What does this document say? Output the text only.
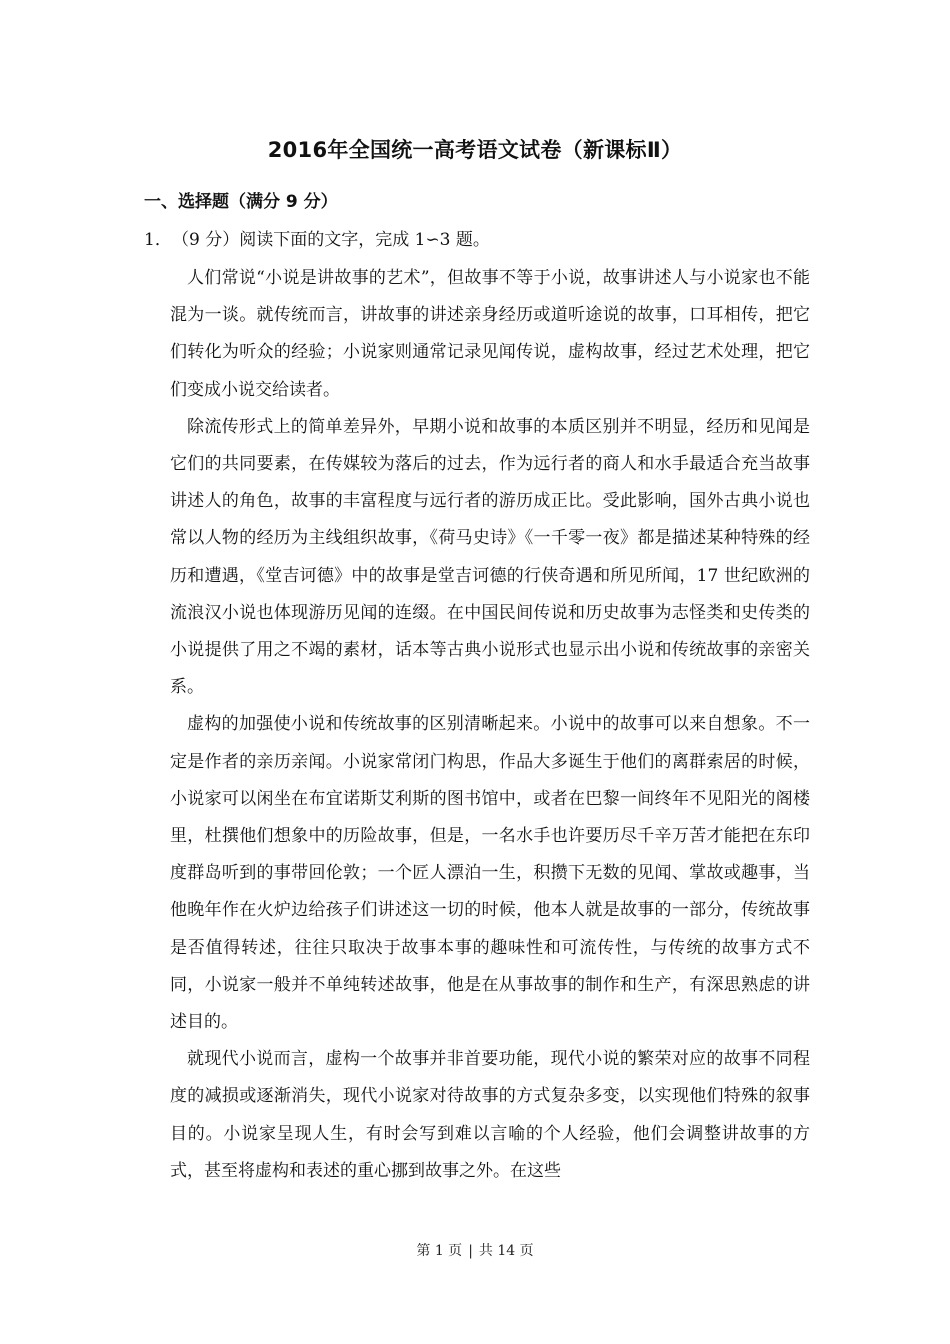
2016年全国统一高考语文试卷（新课标Ⅱ）
一、选择题（满分 9 分）
1．（9 分）阅读下面的文字，完成 1∽3 题。

人们常说“小说是讲故事的艺术”，但故事不等于小说，故事讲述人与小说家也不能混为一谈。就传统而言，讲故事的讲述亲身经历或道听途说的故事，口耳相传，把它们转化为听众的经验；小说家则通常记录见闻传说，虚构故事，经过艺术处理，把它们变成小说交给读者。

除流传形式上的简单差异外，早期小说和故事的本质区别并不明显，经历和见闻是它们的共同要素，在传媒较为落后的过去，作为远行者的商人和水手最适合充当故事讲述人的角色，故事的丰富程度与远行者的游历成正比。受此影响，国外古典小说也常以人物的经历为主线组织故事，《荷马史诗》《一千零一夜》都是描述某种特殊的经历和遭遇，《堂吉诃德》中的故事是堂吉诃德的行侠奇遇和所见所闻，17 世纪欧洲的流浪汉小说也体现游历见闻的连缀。在中国民间传说和历史故事为志怪类和史传类的小说提供了用之不竭的素材，话本等古典小说形式也显示出小说和传统故事的亲密关系。

虚构的加强使小说和传统故事的区别清晰起来。小说中的故事可以来自想象。不一定是作者的亲历亲闻。小说家常闭门构思，作品大多诞生于他们的离群索居的时候，小说家可以闲坐在布宜诺斯艾利斯的图书馆中，或者在巴黎一间终年不见阳光的阁楼里，杜撰他们想象中的历险故事，但是，一名水手也许要历尽千辛万苦才能把在东印度群岛听到的事带回伦敦；一个匠人漂泊一生，积攒下无数的见闻、掌故或趣事，当他晚年作在火炉边给孩子们讲述这一切的时候，他本人就是故事的一部分，传统故事是否值得转述，往往只取决于故事本事的趣味性和可流传性，与传统的故事方式不同，小说家一般并不单纯转述故事，他是在从事故事的制作和生产，有深思熟虑的讲述目的。

就现代小说而言，虚构一个故事并非首要功能，现代小说的繁荣对应的故事不同程度的减损或逐渐消失，现代小说家对待故事的方式复杂多变，以实现他们特殊的叙事目的。小说家呈现人生，有时会写到难以言喻的个人经验，他们会调整讲故事的方式，甚至将虚构和表述的重心挪到故事之外。在这些

第 1 页 | 共 14 页
